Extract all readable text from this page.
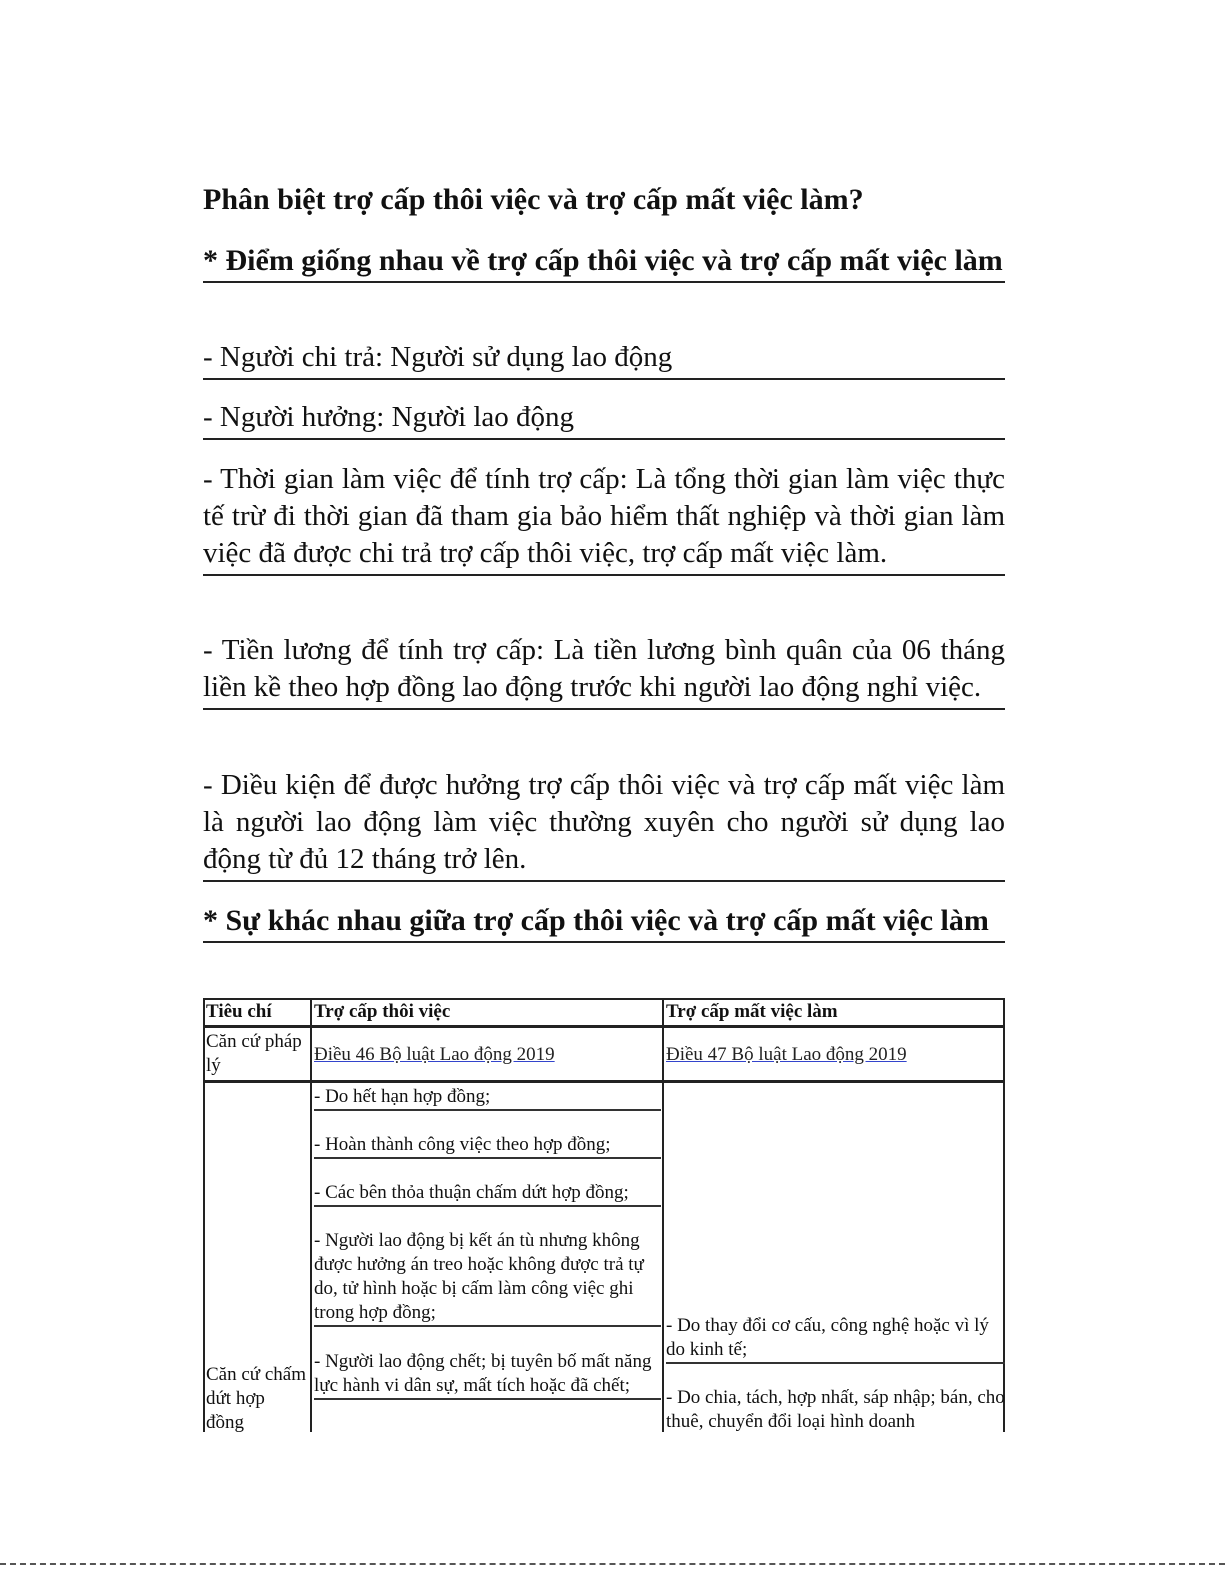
Phân biệt trợ cấp thôi việc và trợ cấp mất việc làm?
* Điểm giống nhau về trợ cấp thôi việc và trợ cấp mất việc làm
- Người chi trả: Người sử dụng lao động
- Người hưởng: Người lao động
- Thời gian làm việc để tính trợ cấp: Là tổng thời gian làm việc thực tế trừ đi thời gian đã tham gia bảo hiểm thất nghiệp và thời gian làm việc đã được chi trả trợ cấp thôi việc, trợ cấp mất việc làm.
- Tiền lương để tính trợ cấp: Là tiền lương bình quân của 06 tháng liền kề theo hợp đồng lao động trước khi người lao động nghỉ việc.
- Diều kiện để được hưởng trợ cấp thôi việc và trợ cấp mất việc làm là người lao động làm việc thường xuyên cho người sử dụng lao động từ đủ 12 tháng trở lên.
* Sự khác nhau giữa trợ cấp thôi việc và trợ cấp mất việc làm
Tiêu chí Trợ cấp thôi việc	Trợ cấp mất việc làm
Căn cứ pháp lý
Điều 46 Bộ luật Lao động 2019	Điều 47 Bộ luật Lao động 2019
Căn cứ chấm dứt hợp đồng
- Do hết hạn hợp đồng;
- Hoàn thành công việc theo hợp đồng;
- Các bên thỏa thuận chấm dứt hợp đồng;
- Người lao động bị kết án tù nhưng không được hưởng án treo hoặc không được trả tự do, tử hình hoặc bị cấm làm công việc ghi trong hợp đồng;
- Người lao động chết; bị tuyên bố mất năng lực hành vi dân sự, mất tích hoặc đã chết;
- Do thay đổi cơ cấu, công nghệ hoặc vì lý do kinh tế;
- Do chia, tách, hợp nhất, sáp nhập; bán, cho thuê, chuyển đổi loại hình doanh
